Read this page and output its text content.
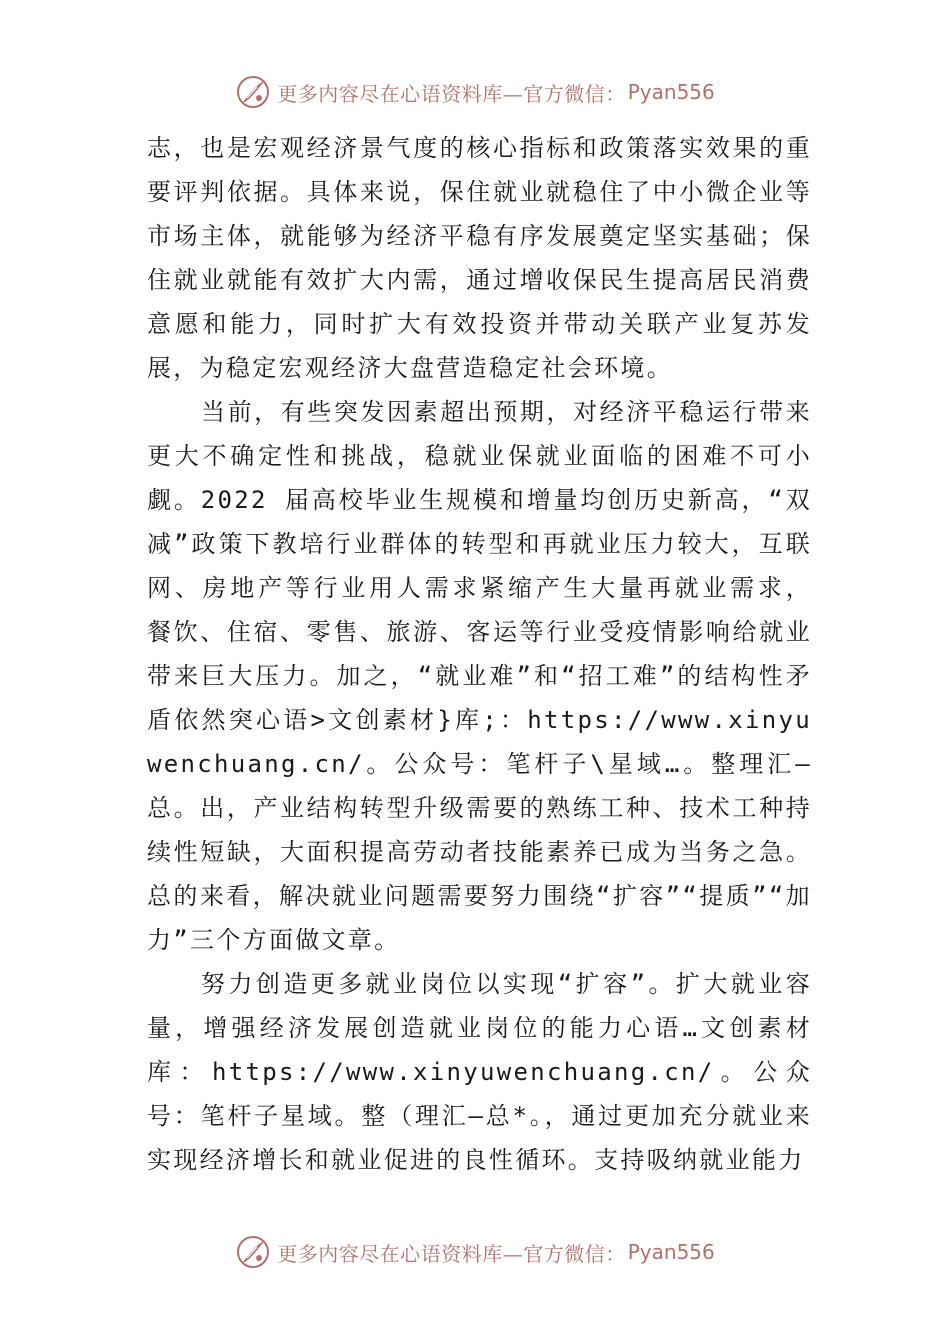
更多内容尽在心语资料库—官方微信： Pyan556

志，也是宏观经济景气度的核心指标和政策落实效果的重要评判依据。具体来说，保住就业就稳住了中小微企业等市场主体，就能够为经济平稳有序发展奠定坚实基础；保住就业就能有效扩大内需，通过增收保民生提高居民消费意愿和能力，同时扩大有效投资并带动关联产业复苏发展，为稳定宏观经济大盘营造稳定社会环境。

当前，有些突发因素超出预期，对经济平稳运行带来更大不确定性和挑战，稳就业保就业面临的困难不可小觑。2022 届高校毕业生规模和增量均创历史新高，“双减”政策下教培行业群体的转型和再就业压力较大，互联网、房地产等行业用人需求紧缩产生大量再就业需求， 餐饮、住宿、零售、旅游、客运等行业受疫情影响给就业带来巨大压力。加之，“就业难”和“招工难”的结构性矛盾依然突心语>文创素材}库;：https://www.xinyuwenchuang.cn/。公众号：笔杆子\星域…。整理汇—总。出，产业结构转型升级需要的熟练工种、技术工种持续性短缺，大面积提高劳动者技能素养已成为当务之急。总的来看，解决就业问题需要努力围绕“扩容”“提质”“加力”三个方面做文章。

努力创造更多就业岗位以实现“扩容”。扩大就业容量，增强经济发展创造就业岗位的能力心语…文创素材库：https://www.xinyuwenchuang.cn/。公众号：笔杆子星域。整（理汇—总*。，通过更加充分就业来实现经济增长和就业促进的良性循环。支持吸纳就业能力

更多内容尽在心语资料库—官方微信： Pyan556
